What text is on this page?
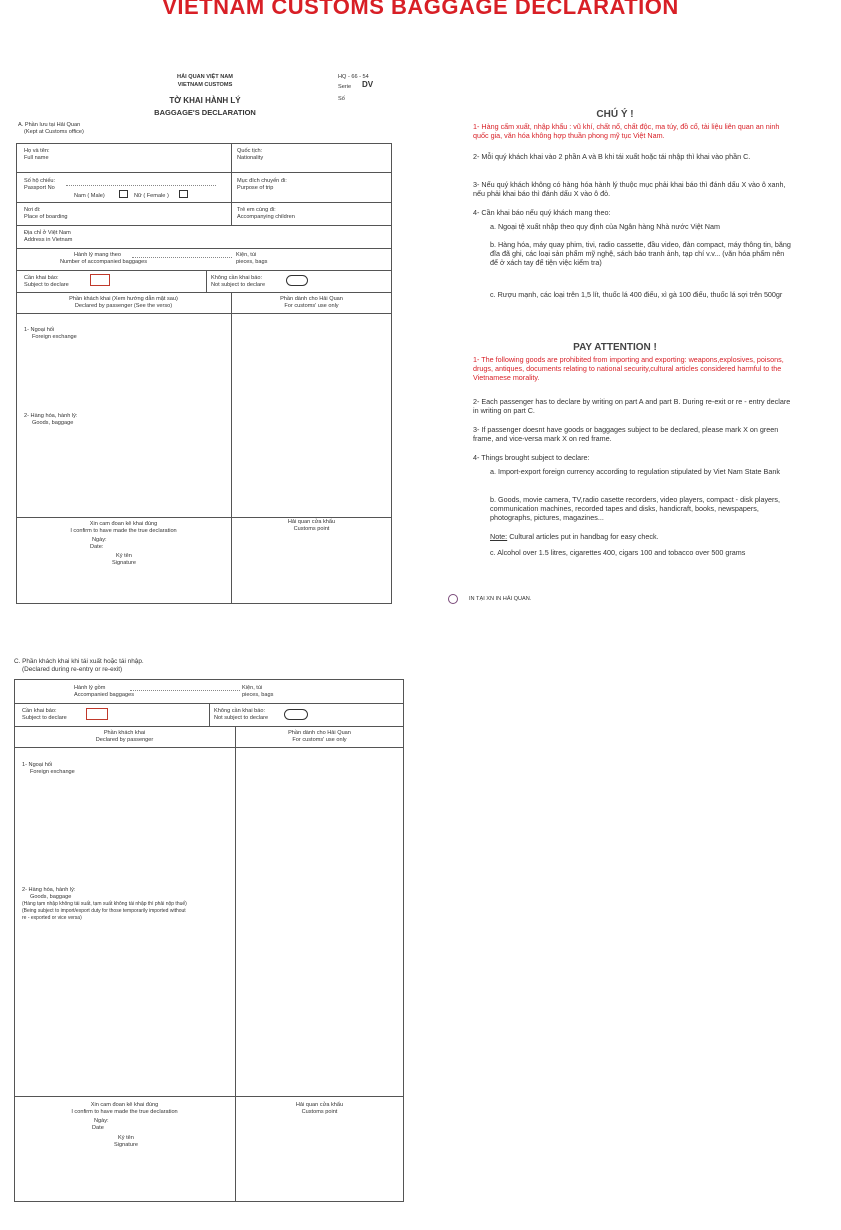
VIETNAM CUSTOMS BAGGAGE DECLARATION
HẢI QUAN VIỆT NAM
VIETNAM CUSTOMS
HQ - 66 - 54
Serie DV
Số
TỜ KHAI HÀNH LÝ
BAGGAGE'S DECLARATION
A. Phần lưu tại Hải Quan
(Kept at Customs office)
Họ và tên:
Full name
Quốc tịch:
Nationality
Số hộ chiếu:
Passport No
Nam ( Male)	Nữ ( Female )
Mục đích chuyến đi:
Purpose of trip
Nơi đi:
Place of boarding
Trẻ em cùng đi:
Accompanying children
Địa chỉ ở Việt Nam
Address in Vietnam
Hành lý mang theo
Number of accompanied baggages
Kiện, túi
pieces, bags
Cần khai báo:
Subject to declare
Không cần khai báo:
Not subject to declare
Phần khách khai (Xem hướng dẫn mặt sau)
Declared by passenger (See the verso)
Phần dành cho Hải Quan
For customs' use only
1- Ngoại hối
Foreign exchange
2- Hàng hóa, hành lý:
Goods, baggage
Xin cam đoan kê khai đúng
I confirm to have made the true declaration
Ngày:
Date:
Ký tên
Signature
Hải quan cửa khẩu
Customs point
CHÚ Ý !
1- Hàng cấm xuất, nhập khẩu : vũ khí, chất nổ, chất độc, ma túy, đồ cổ, tài liệu liên quan an ninh quốc gia, văn hóa không hợp thuần phong mỹ tục Việt Nam.
2- Mỗi quý khách khai vào 2 phần A và B khi tái xuất hoặc tái nhập thì khai vào phần C.
3- Nếu quý khách không có hàng hóa hành lý thuộc mục phải khai báo thì đánh dấu X vào ô xanh, nếu phải khai báo thì đánh dấu X vào ô đỏ.
4- Cần khai báo nếu quý khách mang theo:
a. Ngoại tệ xuất nhập theo quy định của Ngân hàng Nhà nước Việt Nam
b. Hàng hóa, máy quay phim, tivi, radio cassette, đầu video, đàn compact, máy thông tin, băng đĩa đã ghi, các loại sản phẩm mỹ nghệ, sách báo tranh ảnh, tạp chí v.v... (văn hóa phẩm nên để ở xách tay để tiện việc kiểm tra)
c. Rượu mạnh, các loại trên 1,5 lít, thuốc lá 400 điếu, xì gà 100 điếu, thuốc lá sợi trên 500gr
PAY ATTENTION !
1- The following goods are prohibited from importing and exporting: weapons,explosives, poisons, drugs, antiques, documents relating to national security,cultural articles considered harmful to the Vietnamese morality.
2- Each passenger has to declare by writing on part A and part B. During re-exit or re - entry declare in writing on part C.
3- If passenger doesnt have goods or baggages subject to be declared, please mark X on green frame, and vice-versa mark X on red frame.
4- Things brought subject to declare:
a. Import-export foreign currency according to regulation stipulated by Viet Nam State Bank
b. Goods, movie camera, TV,radio casette recorders, video players, compact - disk players, communication machines, recorded tapes and disks, handicraft, books, newspapers, photographs, pictures, magazines...
Note: Cultural articles put in handbag for easy check.
c. Alcohol over 1.5 litres, cigarettes 400, cigars 100 and tobacco over 500 grams
IN TẠI XN IN HẢI QUAN.
C. Phần khách khai khi tái xuất hoặc tái nhập.
(Declared during re-entry or re-exit)
Hành lý gồm
Accompanied baggages
Kiện, túi
pieces, bags
Cần khai báo:
Subject to declare
Không cần khai báo:
Not subject to declare
Phần khách khai
Declared by passenger
Phần dành cho Hải Quan
For customs' use only
1- Ngoại hối
Foreign exchange
2- Hàng hóa, hành lý:
Goods, baggage
(Hàng tạm nhập không tái xuất, tạm xuất không tái nhập thì phải nộp thuế)
(Being subject to import/export duty for those temporarily imported without
re - exported or vice versa)
Xin cam đoan kê khai đúng
I confirm to have made the true declaration
Ngày:
Date
Ký tên
Signature
Hải quan cửa khẩu
Customs point
